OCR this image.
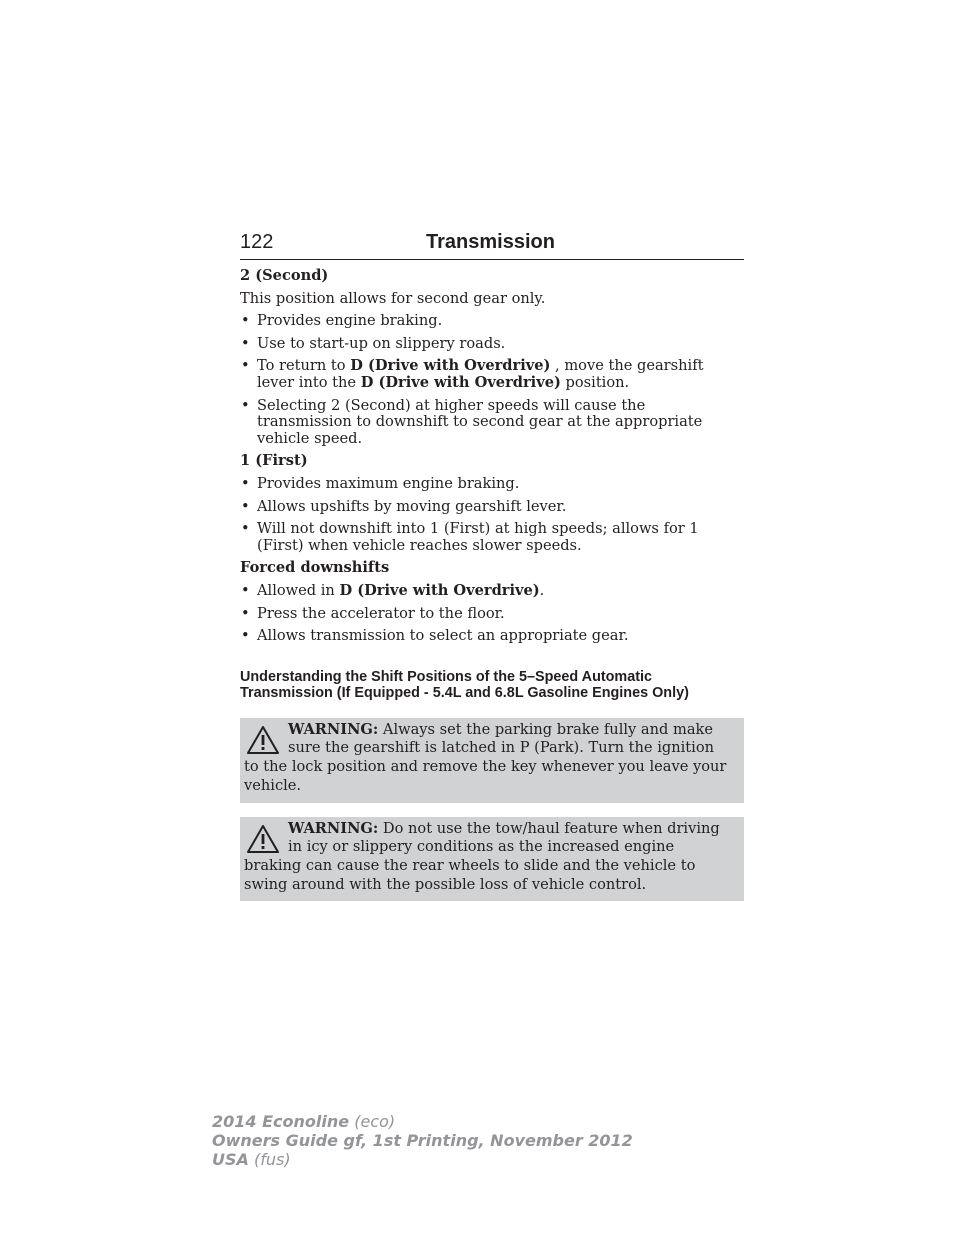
122	Transmission
2 (Second)

This position allows for second gear only.

• Provides engine braking.
• Use to start-up on slippery roads.
• To return to D (Drive with Overdrive) , move the gearshift lever into the D (Drive with Overdrive) position.
• Selecting 2 (Second) at higher speeds will cause the transmission to downshift to second gear at the appropriate vehicle speed.
1 (First)
• Provides maximum engine braking.
• Allows upshifts by moving gearshift lever.
• Will not downshift into 1 (First) at high speeds; allows for 1 (First) when vehicle reaches slower speeds.
Forced downshifts
• Allowed in D (Drive with Overdrive).
• Press the accelerator to the floor.
• Allows transmission to select an appropriate gear.
Understanding the Shift Positions of the 5–Speed Automatic Transmission (If Equipped - 5.4L and 6.8L Gasoline Engines Only)
WARNING: Always set the parking brake fully and make sure the gearshift is latched in P (Park). Turn the ignition to the lock position and remove the key whenever you leave your vehicle.
WARNING: Do not use the tow/haul feature when driving in icy or slippery conditions as the increased engine braking can cause the rear wheels to slide and the vehicle to swing around with the possible loss of vehicle control.
2014 Econoline (eco)
Owners Guide gf, 1st Printing, November 2012
USA (fus)
